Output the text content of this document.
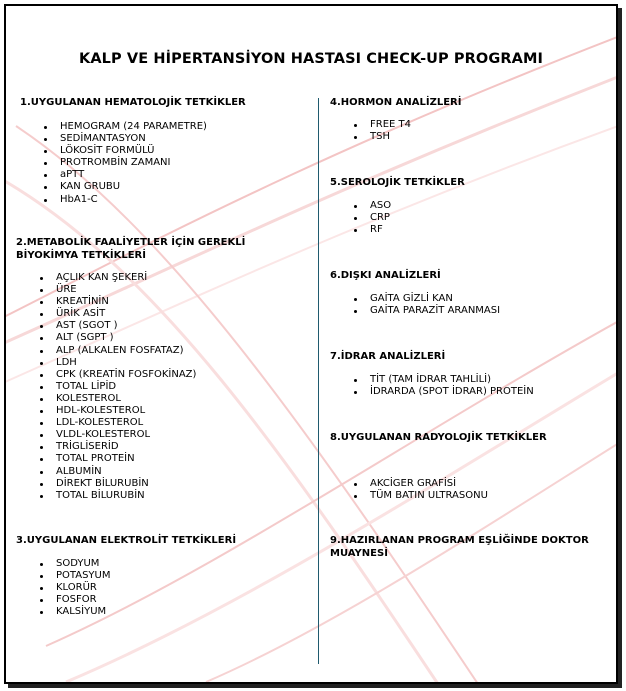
KALP VE HİPERTANSİYON HASTASI CHECK-UP PROGRAMI

1.UYGULANAN HEMATOLOJİK TETKİKLER

HEMOGRAM (24 PARAMETRE)
SEDİMANTASYON
LÖKOSİT FORMÜLÜ
PROTROMBİN ZAMANI
aPTT
KAN GRUBU
HbA1-C

2.METABOLİK FAALİYETLER İÇİN GEREKLİ BİYOKİMYA TETKİKLERİ

AÇLIK KAN ŞEKERİ
ÜRE
KREATİNİN
ÜRİK ASİT
AST (SGOT )
ALT (SGPT )
ALP (ALKALEN FOSFATAZ)
LDH
CPK (KREATİN FOSFOKİNAZ)
TOTAL LİPİD
KOLESTEROL
HDL-KOLESTEROL
LDL-KOLESTEROL
VLDL-KOLESTEROL
TRİGLİSERİD
TOTAL PROTEİN
ALBUMİN
DİREKT BİLURUBİN
TOTAL BİLURUBİN

3.UYGULANAN ELEKTROLİT TETKİKLERİ

SODYUM
POTASYUM
KLORÜR
FOSFOR
KALSİYUM

4.HORMON ANALİZLERİ

FREE T4
TSH

5.SEROLOJİK TETKİKLER

ASO
CRP
RF

6.DIŞKI ANALİZLERİ

GAİTA GİZLİ KAN
GAİTA PARAZİT ARANMASI

7.İDRAR ANALİZLERİ

TİT (TAM İDRAR TAHLİLİ)
İDRARDA (SPOT İDRAR) PROTEİN

8.UYGULANAN RADYOLOJİK TETKİKLER

AKCİGER GRAFİSİ
TÜM BATIN ULTRASONU

9.HAZIRLANAN PROGRAM EŞLİĞİNDE DOKTOR MUAYNESİ
